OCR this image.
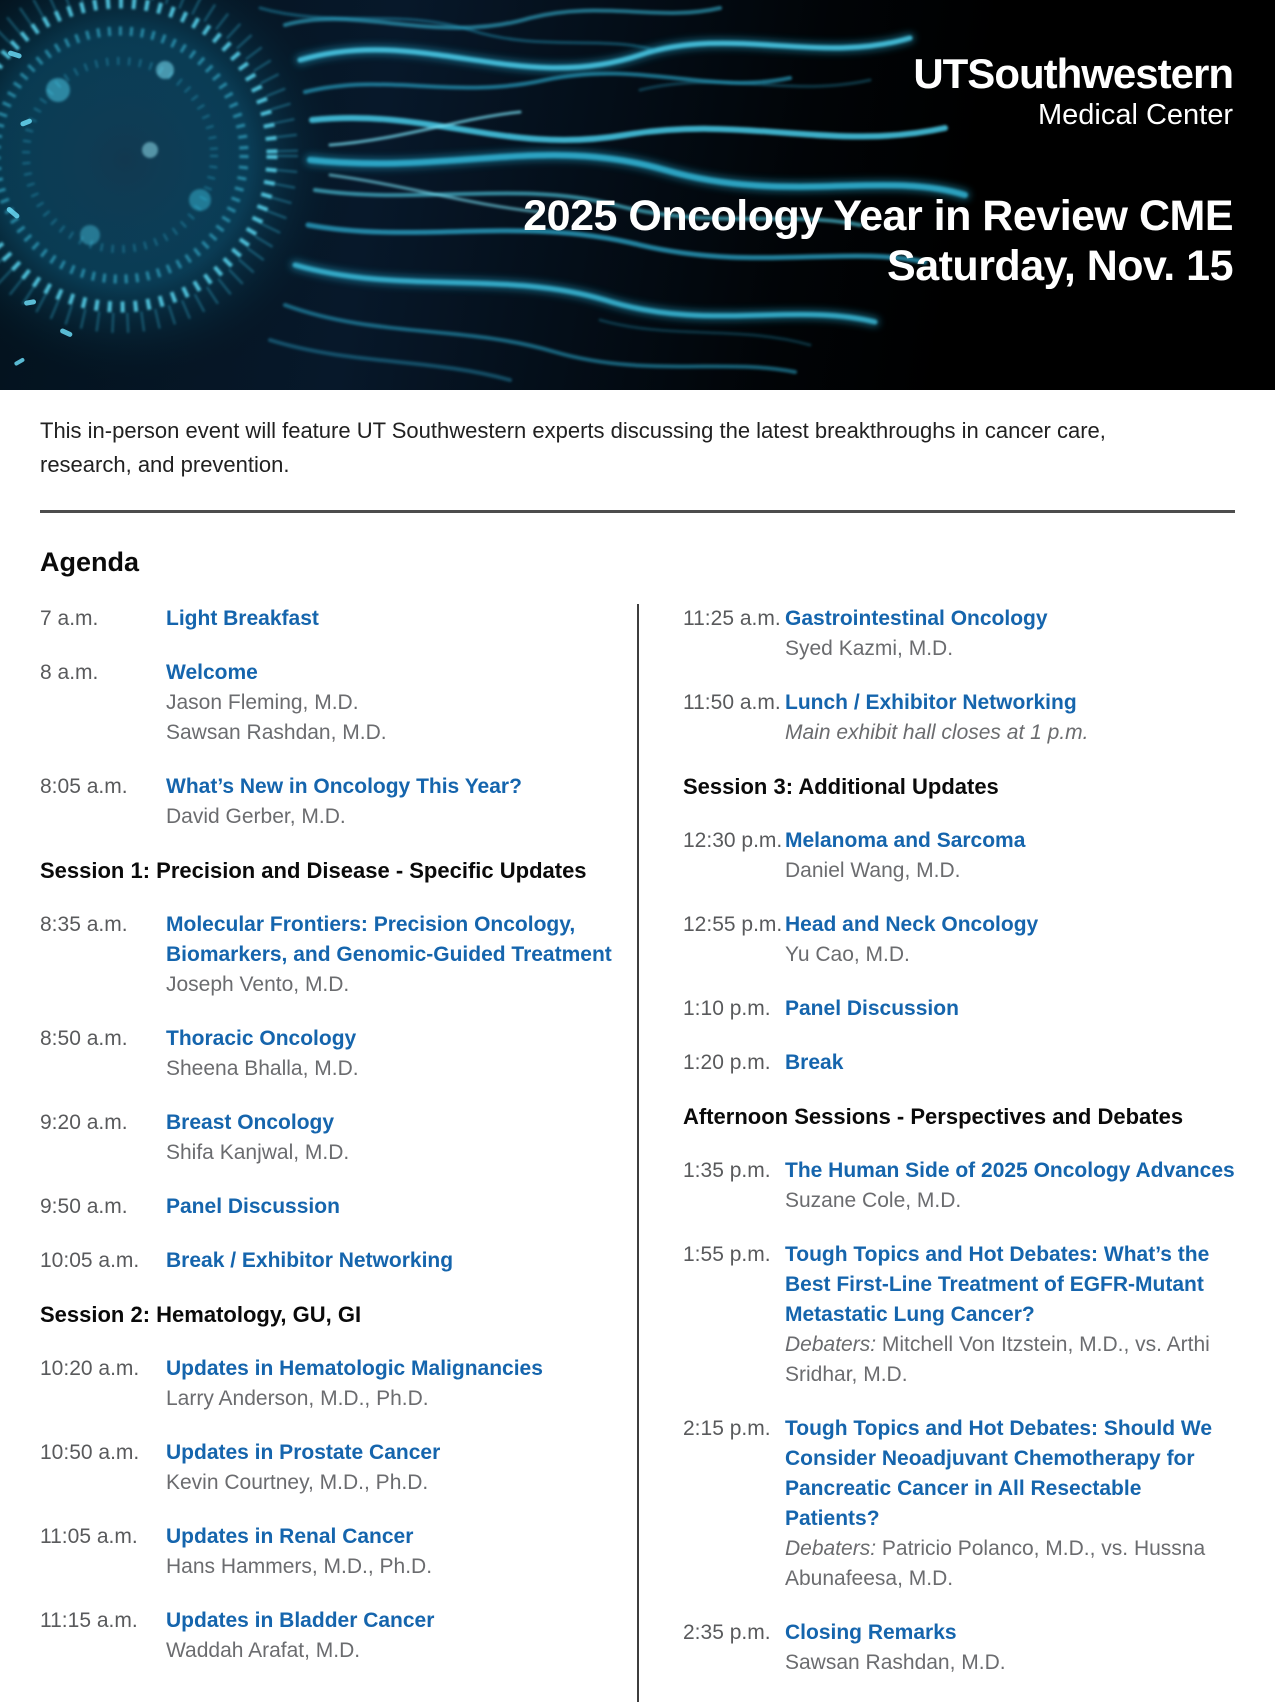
UTSouthwestern
Medical Center
2025 Oncology Year in Review CME
Saturday, Nov. 15

This in-person event will feature UT Southwestern experts discussing the latest breakthroughs in cancer care, research, and prevention.

Agenda
7 a.m.	Light Breakfast
8 a.m.	Welcome
Jason Fleming, M.D.
Sawsan Rashdan, M.D.
8:05 a.m.	What’s New in Oncology This Year?
David Gerber, M.D.
Session 1: Precision and Disease - Specific Updates
8:35 a.m.	Molecular Frontiers: Precision Oncology, Biomarkers, and Genomic-Guided Treatment
Joseph Vento, M.D.
8:50 a.m.	Thoracic Oncology
Sheena Bhalla, M.D.
9:20 a.m.	Breast Oncology
Shifa Kanjwal, M.D.
9:50 a.m.	Panel Discussion
10:05 a.m.	Break / Exhibitor Networking
Session 2: Hematology, GU, GI
10:20 a.m.	Updates in Hematologic Malignancies
Larry Anderson, M.D., Ph.D.
10:50 a.m.	Updates in Prostate Cancer
Kevin Courtney, M.D., Ph.D.
11:05 a.m.	Updates in Renal Cancer
Hans Hammers, M.D., Ph.D.
11:15 a.m.	Updates in Bladder Cancer
Waddah Arafat, M.D.
11:25 a.m. Gastrointestinal Oncology
Syed Kazmi, M.D.
11:50 a.m. Lunch / Exhibitor Networking
Main exhibit hall closes at 1 p.m.
Session 3: Additional Updates
12:30 p.m. Melanoma and Sarcoma
Daniel Wang, M.D.
12:55 p.m. Head and Neck Oncology
Yu Cao, M.D.
1:10 p.m. Panel Discussion
1:20 p.m. Break
Afternoon Sessions - Perspectives and Debates
1:35 p.m. The Human Side of 2025 Oncology Advances
Suzane Cole, M.D.
1:55 p.m. Tough Topics and Hot Debates: What’s the Best First-Line Treatment of EGFR-Mutant Metastatic Lung Cancer?
Debaters: Mitchell Von Itzstein, M.D., vs. Arthi Sridhar, M.D.
2:15 p.m. Tough Topics and Hot Debates: Should We Consider Neoadjuvant Chemotherapy for Pancreatic Cancer in All Resectable Patients?
Debaters: Patricio Polanco, M.D., vs. Hussna Abunafeesa, M.D.
2:35 p.m. Closing Remarks
Sawsan Rashdan, M.D.
